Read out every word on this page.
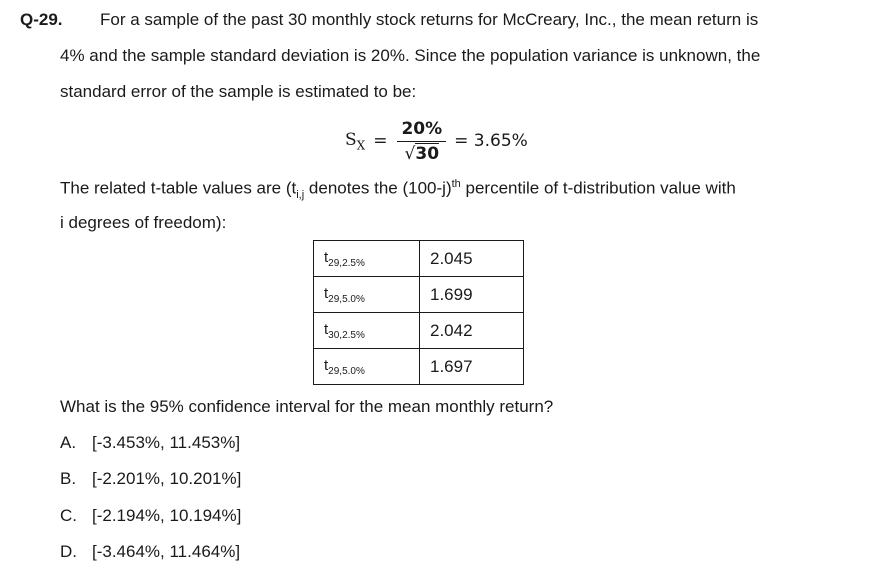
Q-29. For a sample of the past 30 monthly stock returns for McCreary, Inc., the mean return is
4% and the sample standard deviation is 20%. Since the population variance is unknown, the
standard error of the sample is estimated to be:
$S_X = \frac{20\%}{√30} = 3.65\%$
The related t-table values are ($t_{i,j}$ denotes the $(100-j)^{th}$ percentile of t-distribution value with
i degrees of freedom):
$t_{29,2.5\%}$	2.045
$t_{29,5.0\%}$	1.699
$t_{30,2.5\%}$	2.042
$t_{29,5.0\%}$	1.697
What is the 95% confidence interval for the mean monthly return?
A. [-3.453%, 11.453%]
B. [-2.201%, 10.201%]
C. [-2.194%, 10.194%]
D. [-3.464%, 11.464%]
